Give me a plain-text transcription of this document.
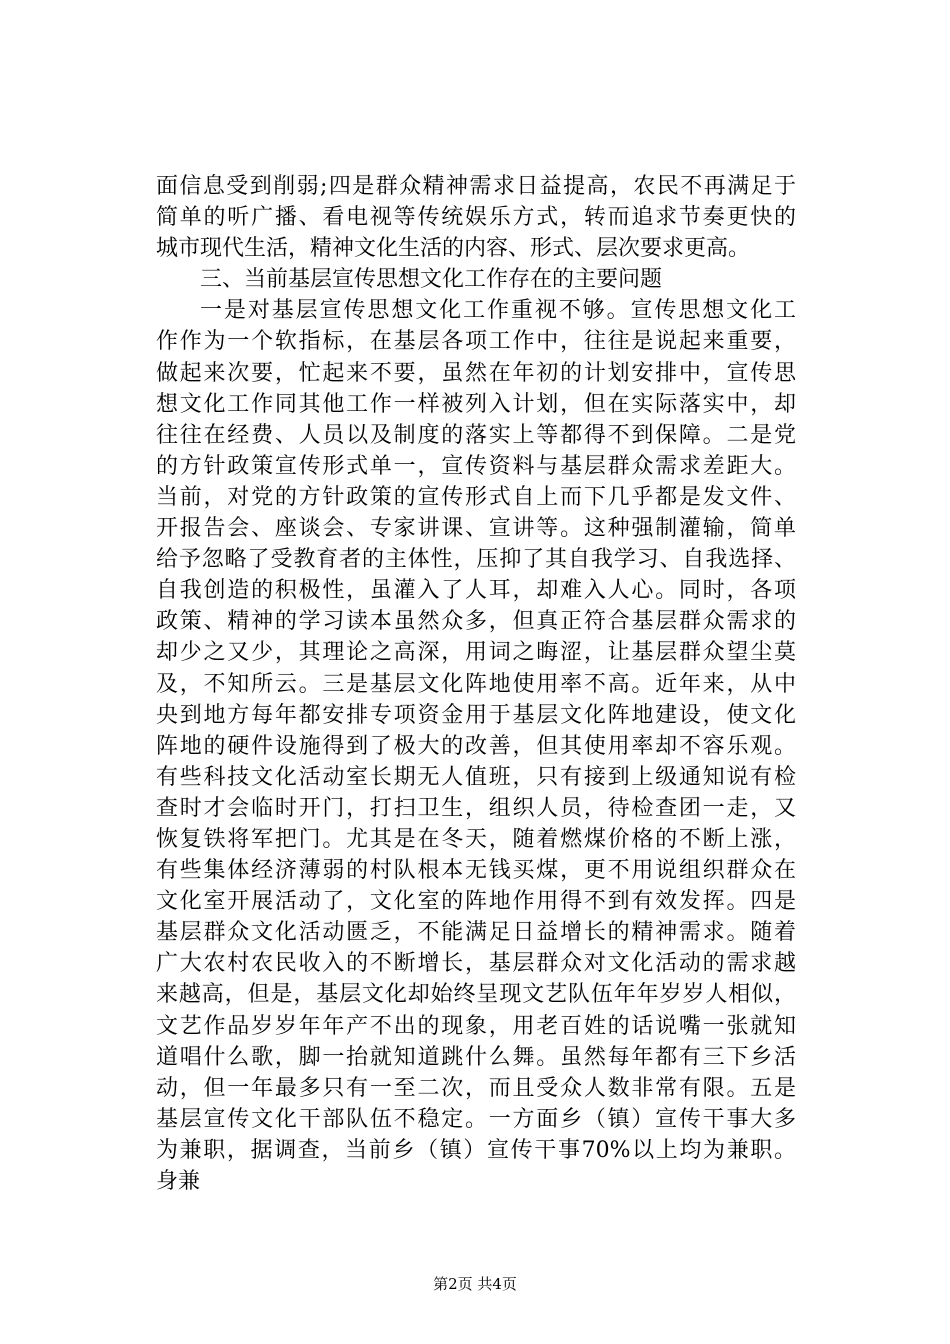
面信息受到削弱;四是群众精神需求日益提高，农民不再满足于
简单的听广播、看电视等传统娱乐方式，转而追求节奏更快的
城市现代生活，精神文化生活的内容、形式、层次要求更高。
三、当前基层宣传思想文化工作存在的主要问题
一是对基层宣传思想文化工作重视不够。宣传思想文化工
作作为一个软指标，在基层各项工作中，往往是说起来重要，
做起来次要，忙起来不要，虽然在年初的计划安排中，宣传思
想文化工作同其他工作一样被列入计划，但在实际落实中，却
往往在经费、人员以及制度的落实上等都得不到保障。二是党
的方针政策宣传形式单一，宣传资料与基层群众需求差距大。
当前，对党的方针政策的宣传形式自上而下几乎都是发文件、
开报告会、座谈会、专家讲课、宣讲等。这种强制灌输，简单
给予忽略了受教育者的主体性，压抑了其自我学习、自我选择、
自我创造的积极性，虽灌入了人耳，却难入人心。同时，各项
政策、精神的学习读本虽然众多，但真正符合基层群众需求的
却少之又少，其理论之高深，用词之晦涩，让基层群众望尘莫
及，不知所云。三是基层文化阵地使用率不高。近年来，从中
央到地方每年都安排专项资金用于基层文化阵地建设，使文化
阵地的硬件设施得到了极大的改善，但其使用率却不容乐观。
有些科技文化活动室长期无人值班，只有接到上级通知说有检
查时才会临时开门，打扫卫生，组织人员，待检查团一走，又
恢复铁将军把门。尤其是在冬天，随着燃煤价格的不断上涨，
有些集体经济薄弱的村队根本无钱买煤，更不用说组织群众在
文化室开展活动了，文化室的阵地作用得不到有效发挥。四是
基层群众文化活动匮乏，不能满足日益增长的精神需求。随着
广大农村农民收入的不断增长，基层群众对文化活动的需求越
来越高，但是，基层文化却始终呈现文艺队伍年年岁岁人相似，
文艺作品岁岁年年产不出的现象，用老百姓的话说嘴一张就知
道唱什么歌，脚一抬就知道跳什么舞。虽然每年都有三下乡活
动，但一年最多只有一至二次，而且受众人数非常有限。五是
基层宣传文化干部队伍不稳定。一方面乡（镇）宣传干事大多
为兼职，据调查，当前乡（镇）宣传干事70%以上均为兼职。
身兼
第2页 共4页
